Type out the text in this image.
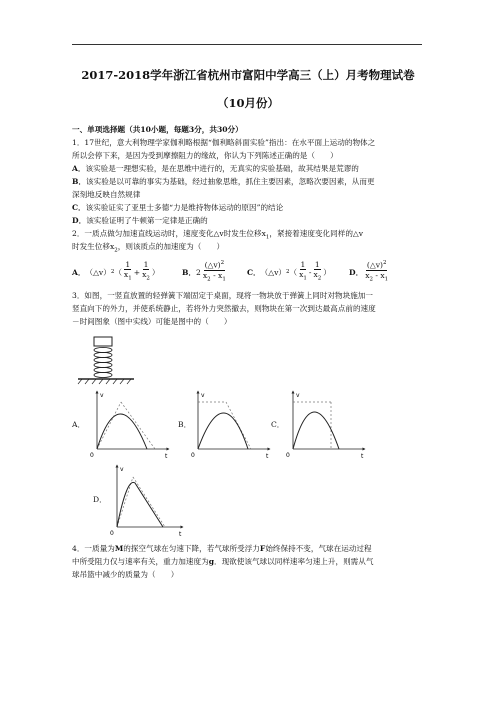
2017-2018学年浙江省杭州市富阳中学高三（上）月考物理试卷
（10月份）
一、单项选择题（共10小题，每题3分，共30分）
1．17世纪，意大利物理学家伽利略根据“伽利略斜面实验”指出：在水平面上运动的物体之
所以会停下来，是因为受到摩擦阻力的缘故，你认为下列陈述正确的是（　　）
A．该实验是一理想实验，是在思维中进行的，无真实的实验基础，故其结果是荒谬的
B．该实验是以可靠的事实为基础，经过抽象思维，抓住主要因素，忽略次要因素，从而更
深刻地反映自然规律
C．该实验证实了亚里士多德“力是维持物体运动的原因”的结论
D．该实验证明了牛顿第一定律是正确的
2．一质点做匀加速直线运动时，速度变化△v时发生位移$x_1$，紧接着速度变化同样的△v
时发生位移$x_2$，则该质点的加速度为（　　）
A． （△v） 2 （ $\frac{1}{x_1} + \frac{1}{x_2}$ ）	B． $2 \frac{(\triangle v)^2}{x_2 - x_1}$	C． （△v） 2 （ $\frac{1}{x_1} - \frac{1}{x_2}$ ） D． $\frac{(\triangle v)^2}{x_2 - x_1}$
3．如图，一竖直放置的轻弹簧下端固定于桌面，现将一物块放于弹簧上同时对物块施加一
竖直向下的外力，并使系统静止，若将外力突然撤去，则物块在第一次到达最高点前的速度
－时间图象（图中实线）可能是图中的（　　）
A．
v
t
0
B．
v
t
0
C．
v
t
0
D．
v
t
0
4．一质量为M的探空气球在匀速下降，若气球所受浮力F始终保持不变，气球在运动过程
中所受阻力仅与速率有关，重力加速度为g．现欲使该气球以同样速率匀速上升，则需从气
球吊篮中减少的质量为（　　）
